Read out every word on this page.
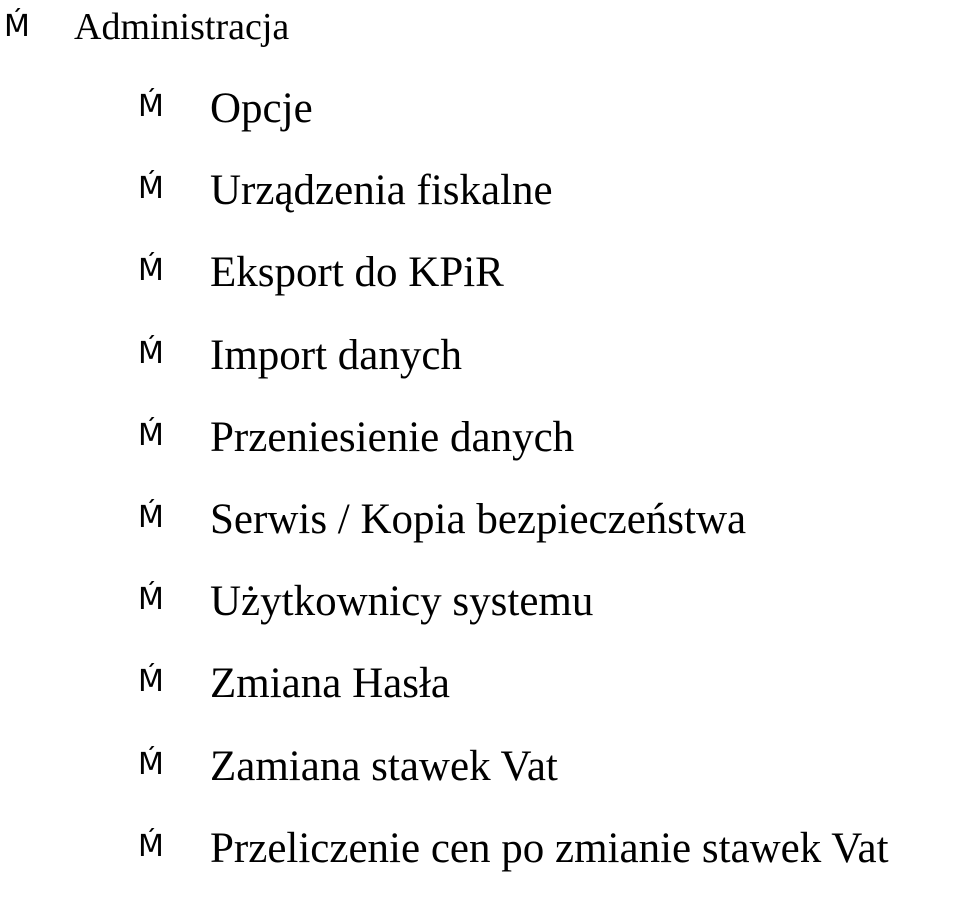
Ḿ	Administracja
Ḿ	Opcje
Ḿ	Urządzenia fiskalne
Ḿ	Eksport do KPiR
Ḿ	Import danych
Ḿ	Przeniesienie danych
Ḿ	Serwis / Kopia bezpieczeństwa
Ḿ	Użytkownicy systemu
Ḿ	Zmiana Hasła
Ḿ	Zamiana stawek Vat
Ḿ	Przeliczenie cen po zmianie stawek Vat
